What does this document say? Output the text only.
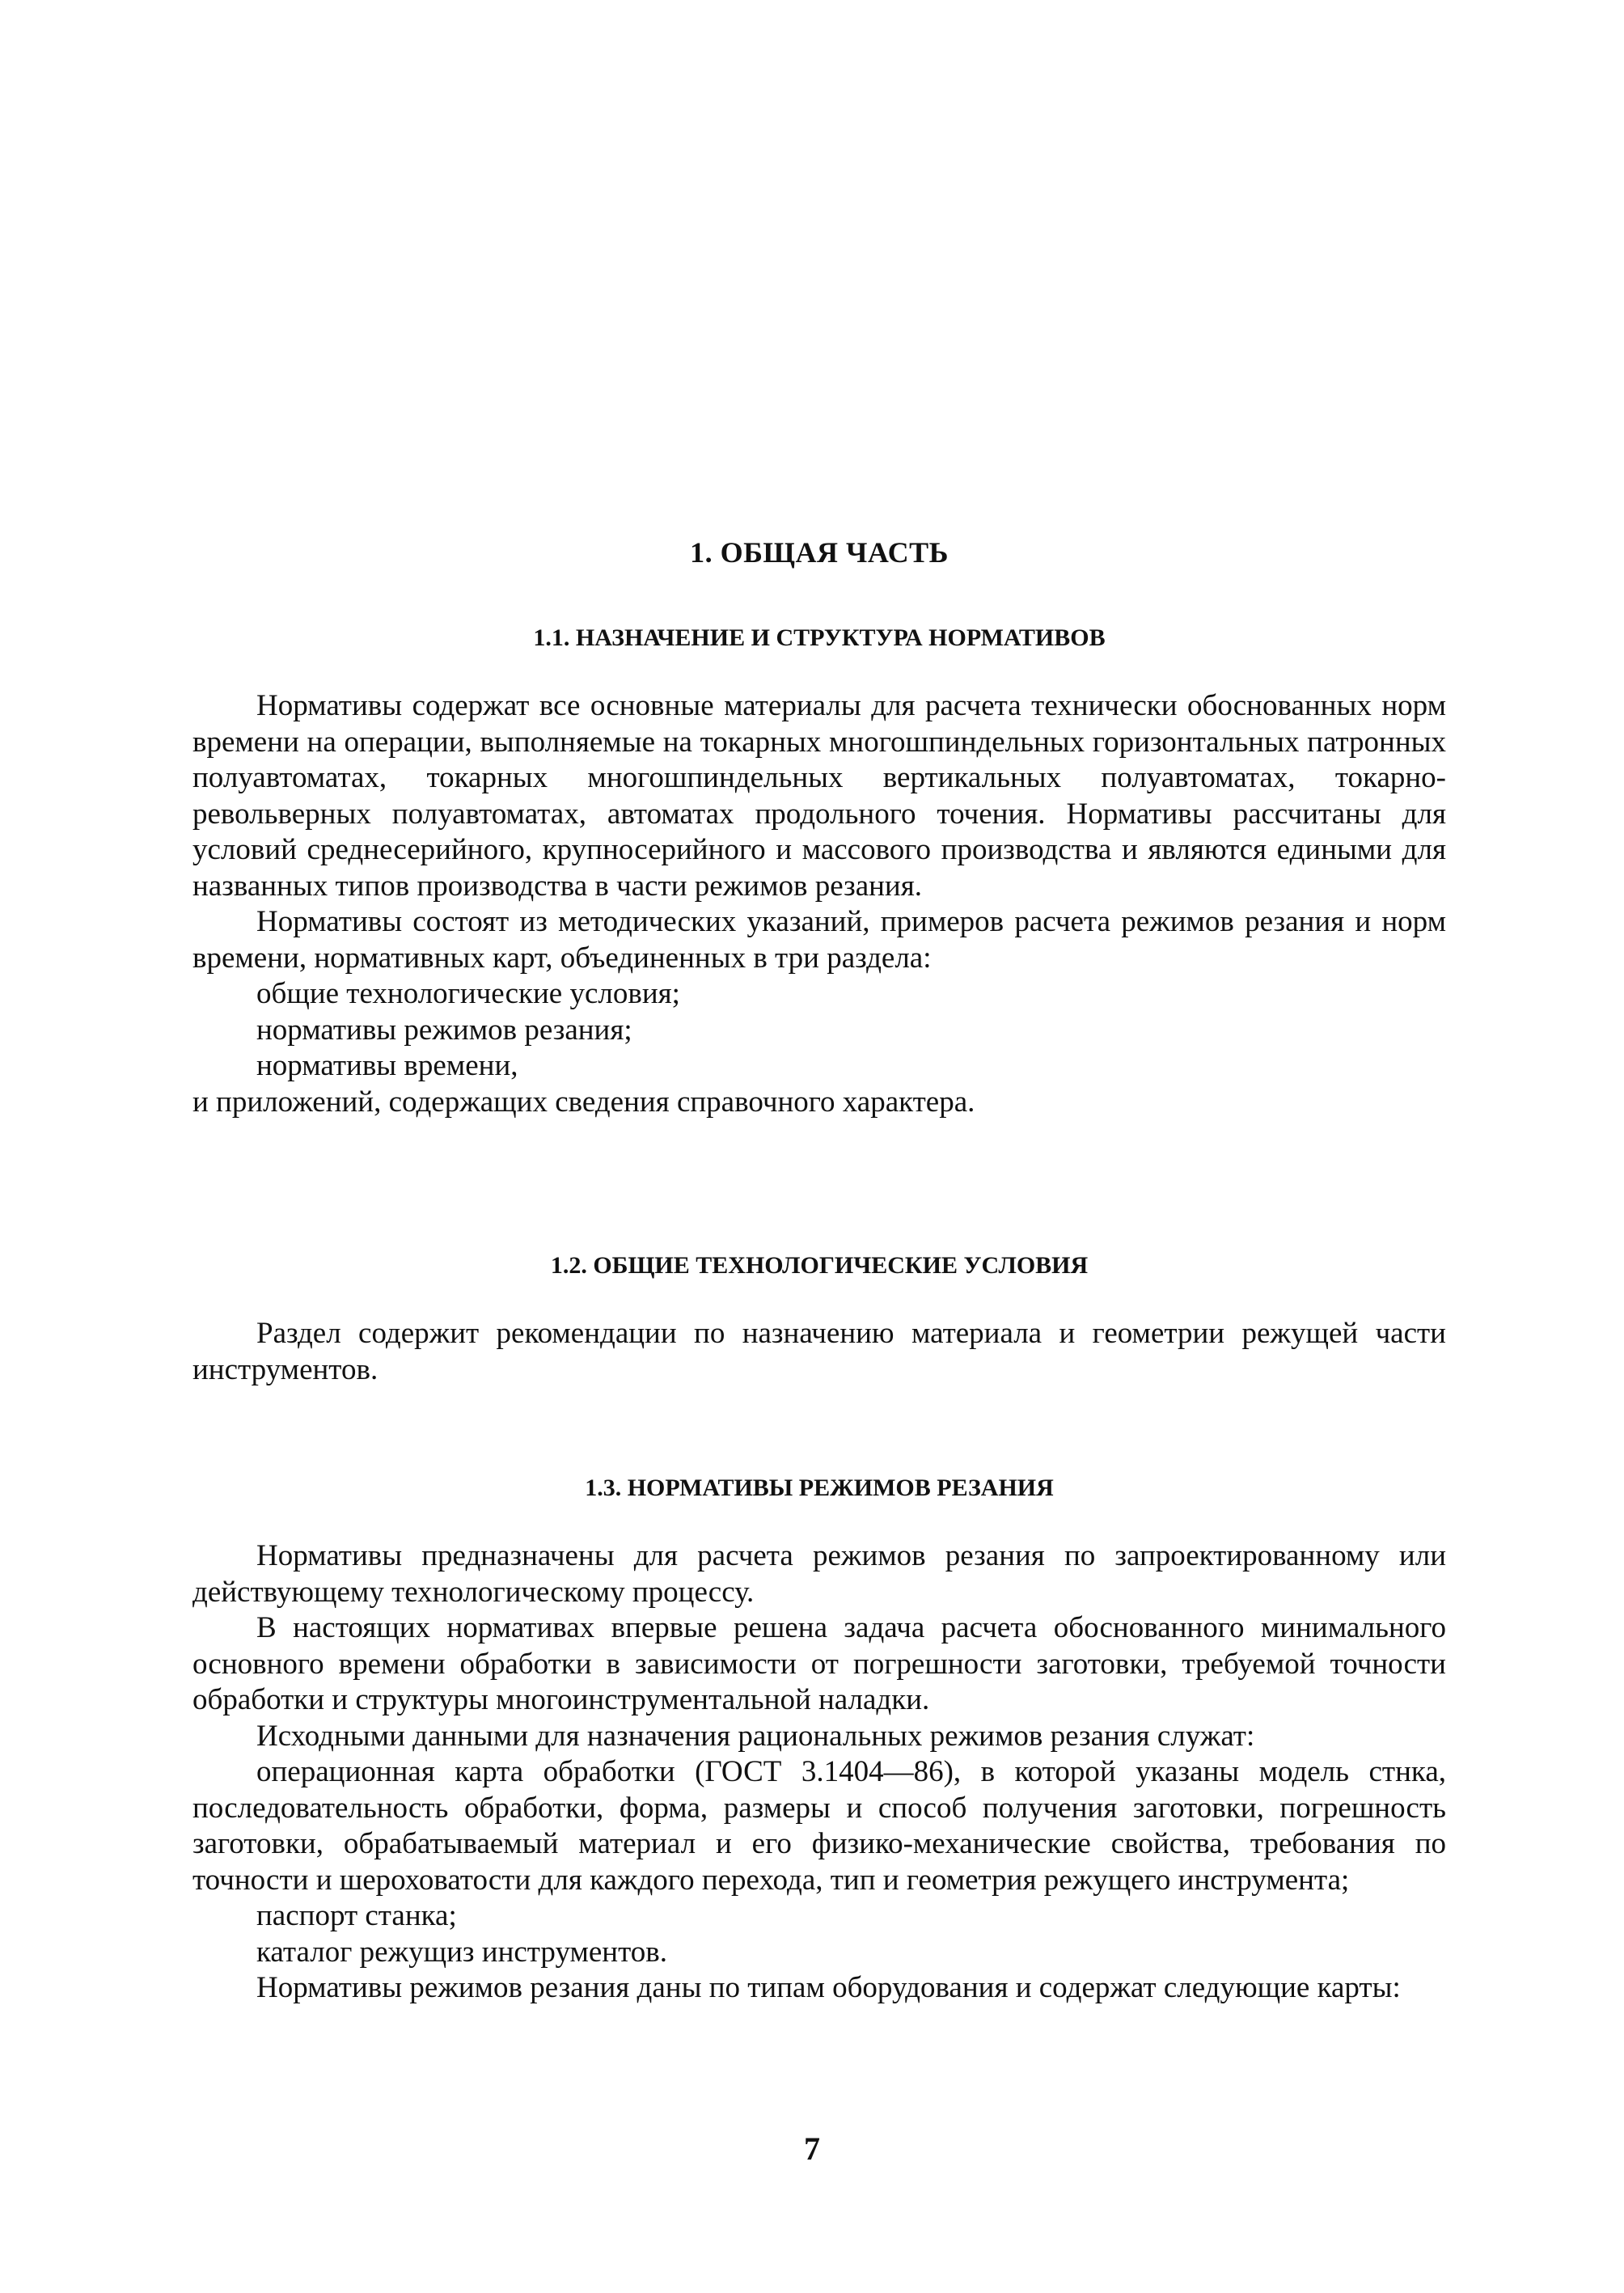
1. ОБЩАЯ ЧАСТЬ
1.1. НАЗНАЧЕНИЕ И СТРУКТУРА НОРМАТИВОВ

Нормативы содержат все основные материалы для расчета технически обоснованных норм времени на операции, выполняемые на токарных многошпиндельных горизонтальных патронных полуавтоматах, токарных многошпиндельных вертикальных полуавтоматах, токарно-револьверных полуавтоматах, автоматах продольного точения. Нормативы рассчитаны для условий среднесерийного, крупносерийного и массового производства и являются едиными для названных типов производства в части режимов резания.

Нормативы состоят из методических указаний, примеров расчета режимов резания и норм времени, нормативных карт, объединенных в три раздела:

общие технологические условия;

нормативы режимов резания;

нормативы времени,

и приложений, содержащих сведения справочного характера.

1.2. ОБЩИЕ ТЕХНОЛОГИЧЕСКИЕ УСЛОВИЯ

Раздел содержит рекомендации по назначению материала и геометрии режущей части инструментов.

1.3. НОРМАТИВЫ РЕЖИМОВ РЕЗАНИЯ

Нормативы предназначены для расчета режимов резания по запроектированному или действующему технологическому процессу.

В настоящих нормативах впервые решена задача расчета обоснованного минимального основного времени обработки в зависимости от погрешности заготовки, требуемой точности обработки и структуры многоинструментальной наладки.

Исходными данными для назначения рациональных режимов резания служат:

операционная карта обработки (ГОСТ 3.1404—86), в которой указаны модель стнка, последовательность обработки, форма, размеры и способ получения заготовки, погрешность заготовки, обрабатываемый материал и его физико-механические свойства, требования по точности и шероховатости для каждого перехода, тип и геометрия режущего инструмента;

паспорт станка;

каталог режущиз инструментов.

Нормативы режимов резания даны по типам оборудования и содержат следующие карты:

7
